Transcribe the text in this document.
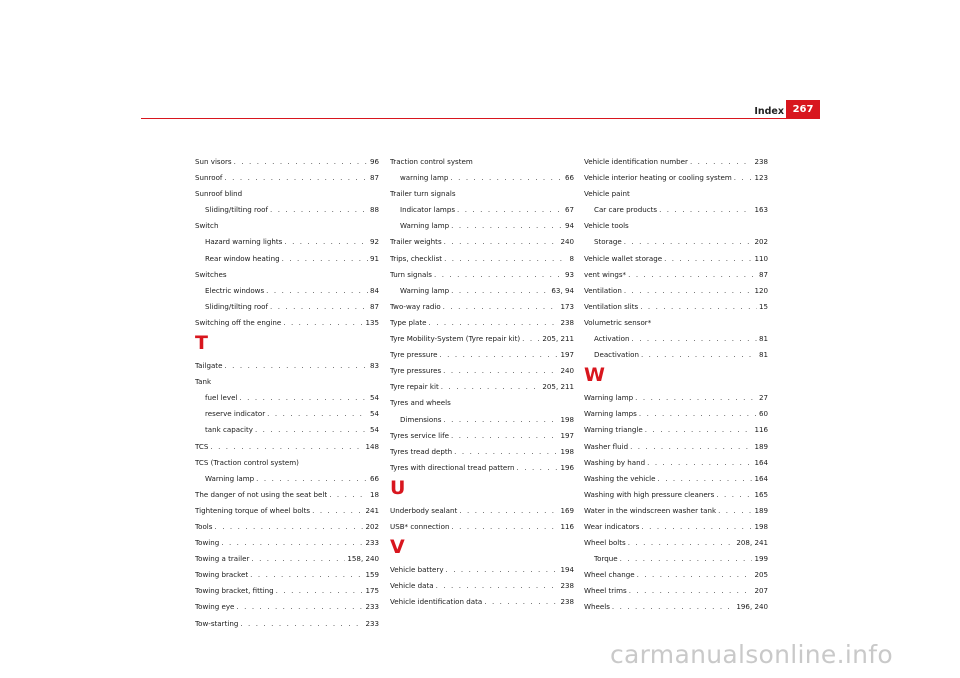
Index 267
Sun visors . . .	96
Sunroof . . .	87
Sunroof blind
Sliding/tilting roof . . .	88
Switch
Hazard warning lights . . .	92
Rear window heating . . .	91
Switches
Electric windows . . .	84
Sliding/tilting roof . . .	87
Switching off the engine . . .	135
T
Tailgate . . .	83
Tank
fuel level . . .	54
reserve indicator . . .	54
tank capacity . . .	54
TCS . . .	148
TCS (Traction control system)
Warning lamp . . .	66
The danger of not using the seat belt . . .	18
Tightening torque of wheel bolts . . .	241
Tools . . .	202
Towing . . .	233
Towing a trailer . . .	158, 240
Towing bracket . . .	159
Towing bracket, fitting . . .	175
Towing eye . . .	233
Tow-starting . . .	233
Traction control system
warning lamp . . .	66
Trailer turn signals
Indicator lamps . . .	67
Warning lamp . . .	94
Trailer weights . . .	240
Trips, checklist . . .	8
Turn signals . . .	93
Warning lamp . . .	63, 94
Two-way radio . . .	173
Type plate . . .	238
Tyre Mobility-System (Tyre repair kit) . . .	205, 211
Tyre pressure . . .	197
Tyre pressures . . .	240
Tyre repair kit . . .	205, 211
Tyres and wheels
Dimensions . . .	198
Tyres service life . . .	197
Tyres tread depth . . .	198
Tyres with directional tread pattern . . .	196
U
Underbody sealant . . .	169
USB* connection . . .	116
V
Vehicle battery . . .	194
Vehicle data . . .	238
Vehicle identification data . . .	238
Vehicle identification number . . .	238
Vehicle interior heating or cooling system . . .	123
Vehicle paint
Car care products . . .	163
Vehicle tools
Storage . . .	202
Vehicle wallet storage . . .	110
vent wings* . . .	87
Ventilation . . .	120
Ventilation slits . . .	15
Volumetric sensor*
Activation . . .	81
Deactivation . . .	81
W
Warning lamp . . .	27
Warning lamps . . .	60
Warning triangle . . .	116
Washer fluid . . .	189
Washing by hand . . .	164
Washing the vehicle . . .	164
Washing with high pressure cleaners . . .	165
Water in the windscreen washer tank . . .	189
Wear indicators . . .	198
Wheel bolts . . .	208, 241
Torque . . .	199
Wheel change . . .	205
Wheel trims . . .	207
Wheels . . .	196, 240
carmanualsonline.info
